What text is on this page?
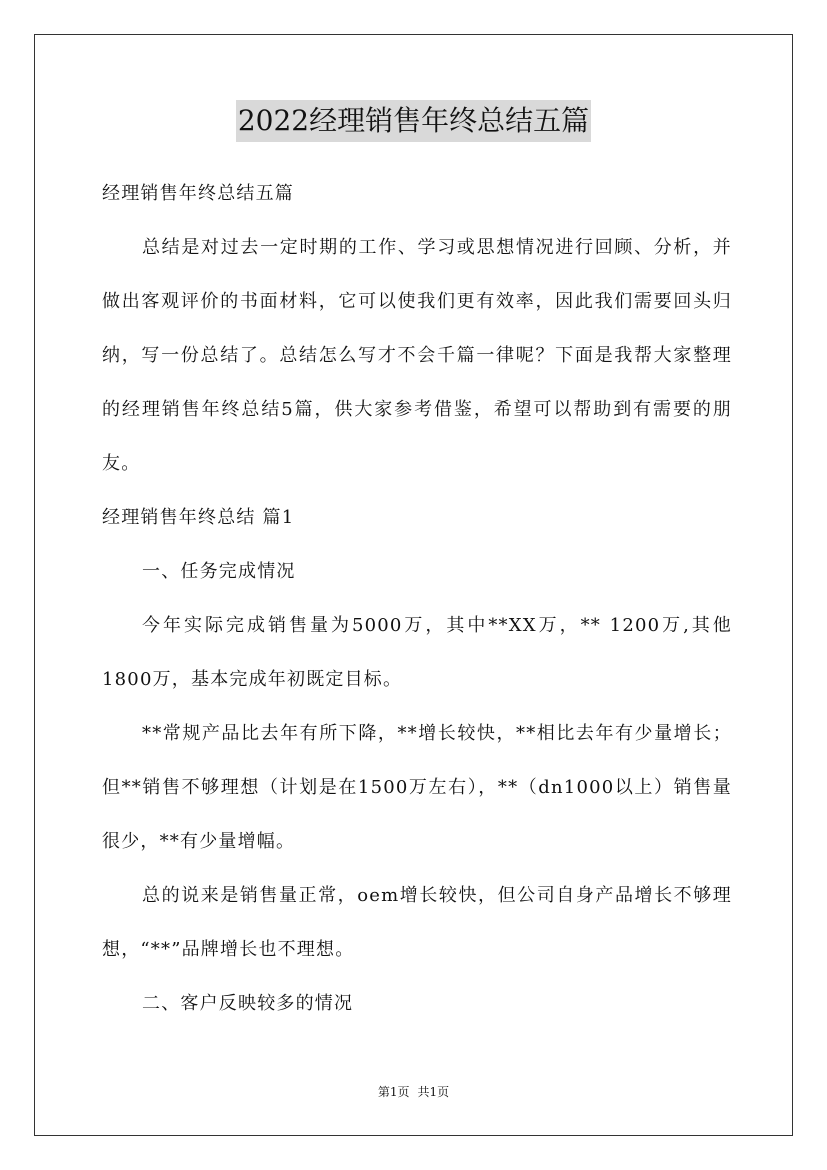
2022经理销售年终总结五篇

经理销售年终总结五篇

总结是对过去一定时期的工作、学习或思想情况进行回顾、分析，并做出客观评价的书面材料，它可以使我们更有效率，因此我们需要回头归纳，写一份总结了。总结怎么写才不会千篇一律呢？下面是我帮大家整理的经理销售年终总结5篇，供大家参考借鉴，希望可以帮助到有需要的朋友。

经理销售年终总结 篇1

一、任务完成情况

今年实际完成销售量为5000万，其中**XX万，** 1200万,其他1800万，基本完成年初既定目标。

**常规产品比去年有所下降，**增长较快，**相比去年有少量增长；但**销售不够理想（计划是在1500万左右），**（dn1000以上）销售量很少，**有少量增幅。

总的说来是销售量正常，oem增长较快，但公司自身产品增长不够理想，“**”品牌增长也不理想。

二、客户反映较多的情况

第1页 共1页
